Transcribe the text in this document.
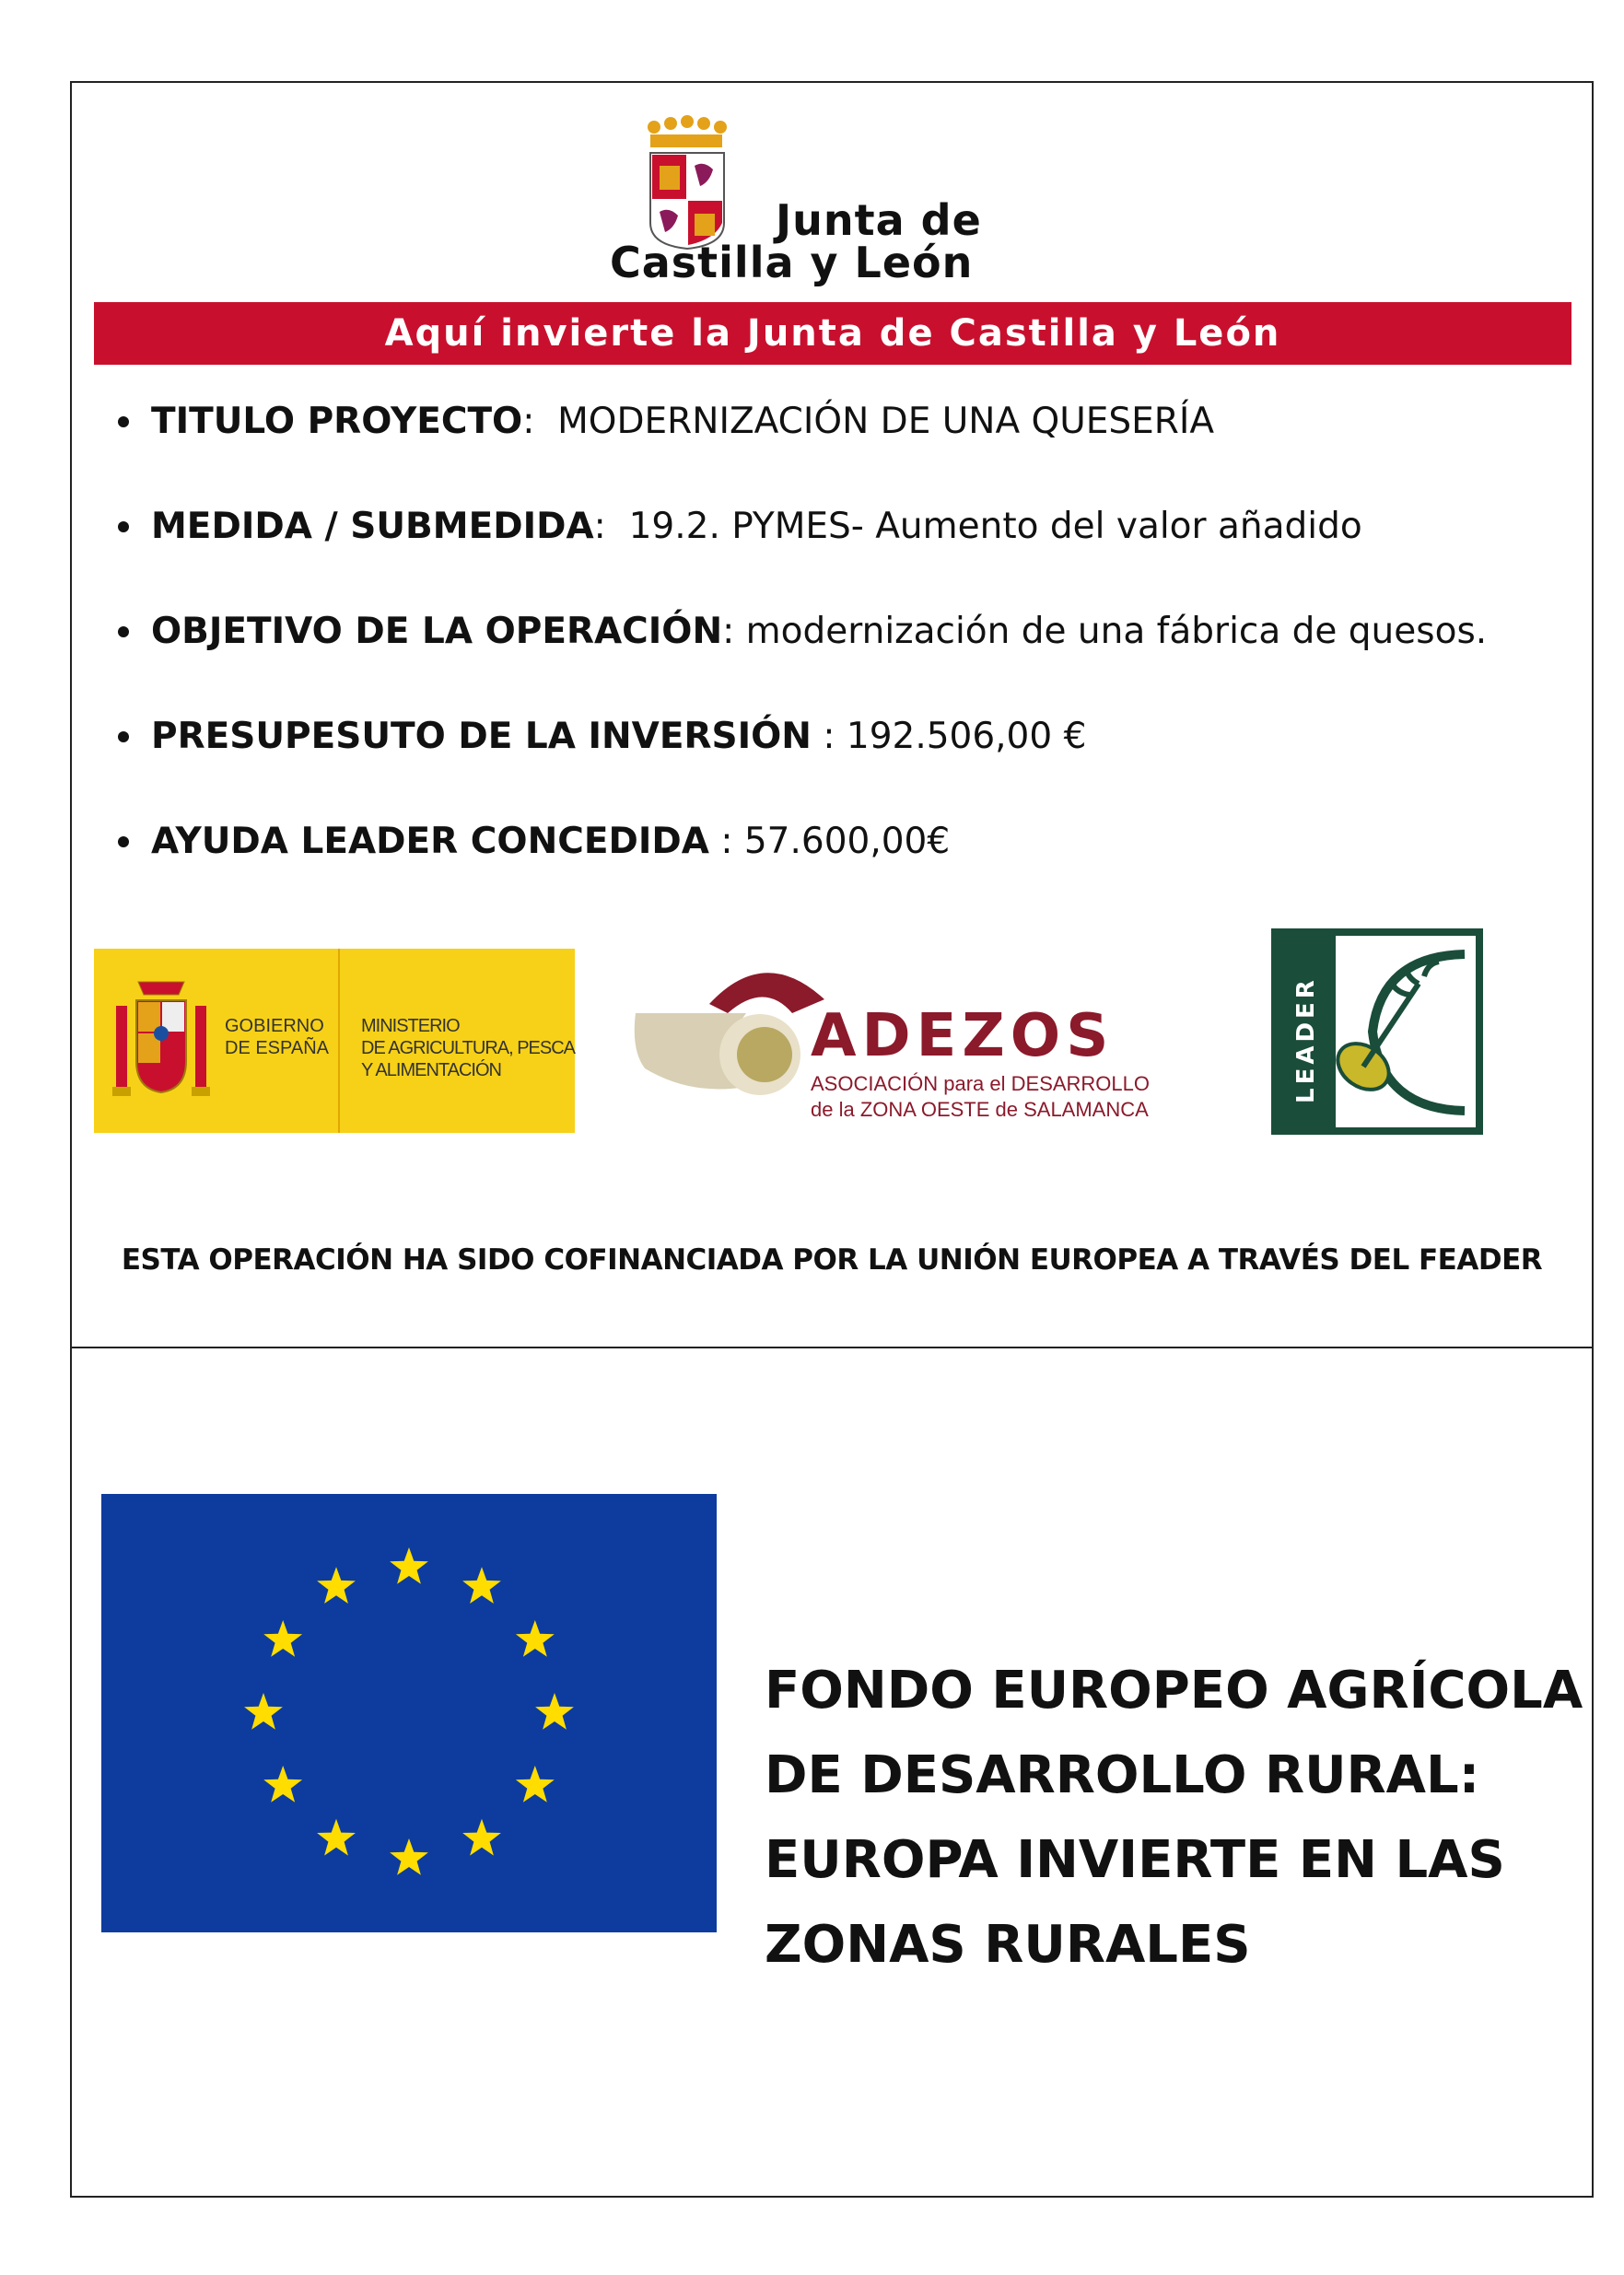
Junta de
Castilla y León
Aquí invierte la Junta de Castilla y León
TITULO PROYECTO:  MODERNIZACIÓN DE UNA QUESERÍA
MEDIDA / SUBMEDIDA:  19.2. PYMES- Aumento del valor añadido
OBJETIVO DE LA OPERACIÓN: modernización de una fábrica de quesos.
PRESUPESUTO DE LA INVERSIÓN : 192.506,00 €
AYUDA LEADER CONCEDIDA : 57.600,00€
GOBIERNO
DE ESPAÑA
MINISTERIO
DE AGRICULTURA, PESCA
Y ALIMENTACIÓN	ADEZOS
ASOCIACIÓN para el DESARROLLO
de la ZONA OESTE de SALAMANCA
LEADER
ESTA OPERACIÓN HA SIDO COFINANCIADA POR LA UNIÓN EUROPEA A TRAVÉS DEL FEADER
FONDO EUROPEO AGRÍCOLA
DE DESARROLLO RURAL:
EUROPA INVIERTE EN LAS
ZONAS RURALES
